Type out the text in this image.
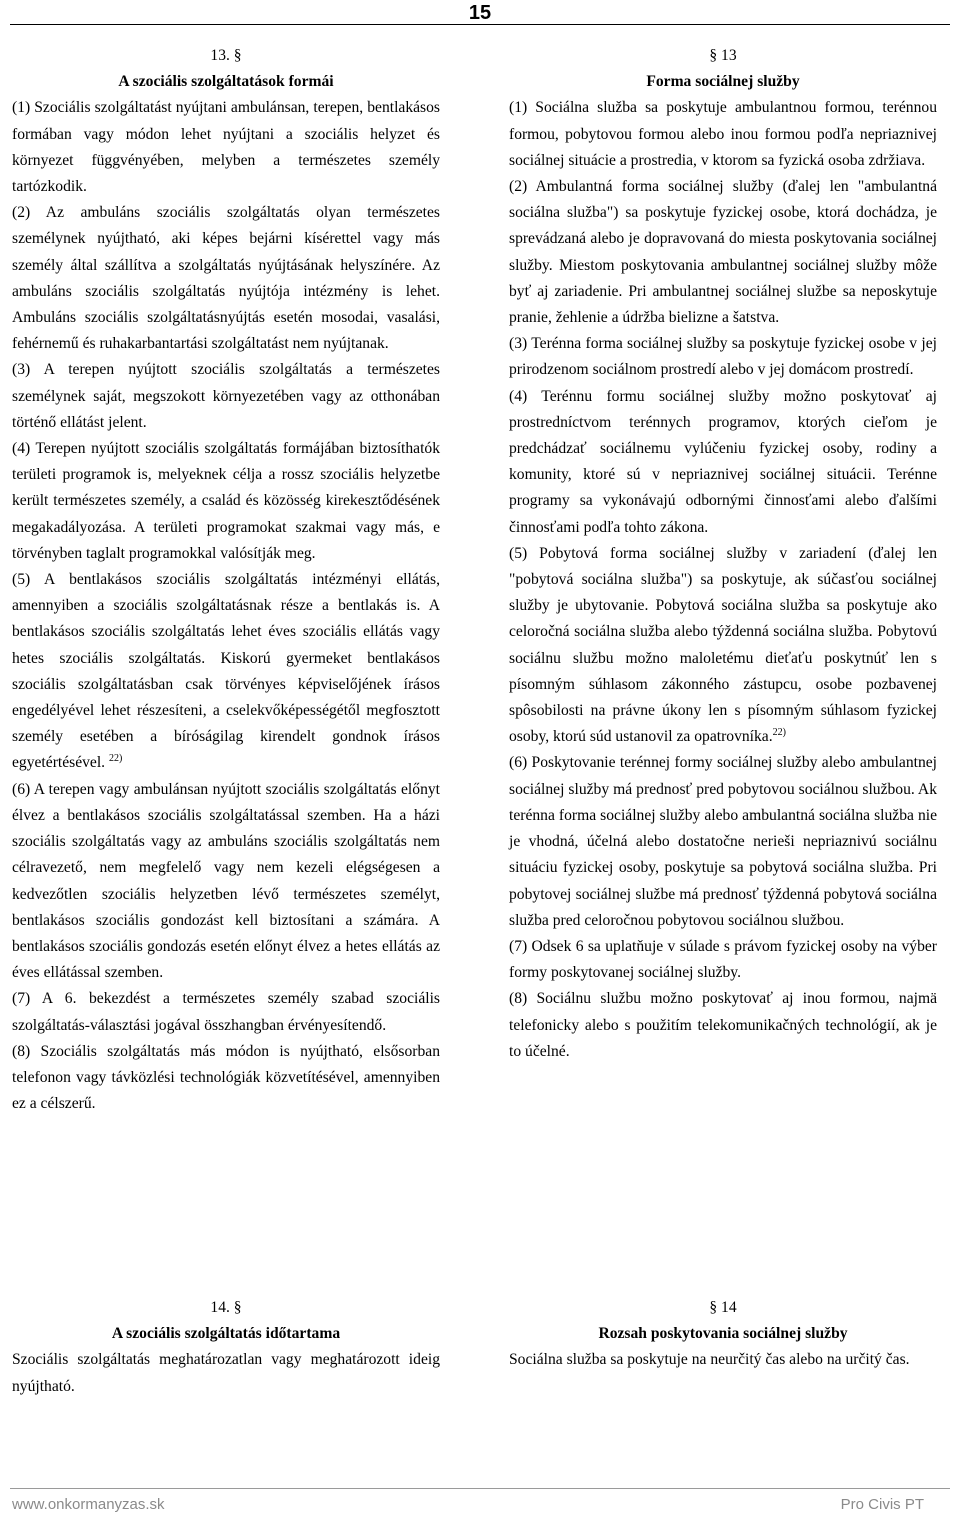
15
13. §
A szociális szolgáltatások formái
(1) Szociális szolgáltatást nyújtani ambulánsan, terepen, bentlakásos formában vagy módon lehet nyújtani a szociális helyzet és környezet függvényében, melyben a természetes személy tartózkodik.
(2) Az ambuláns szociális szolgáltatás olyan természetes személynek nyújtható, aki képes bejárni kísérettel vagy más személy által szállítva a szolgáltatás nyújtásának helyszínére. Az ambuláns szociális szolgáltatás nyújtója intézmény is lehet. Ambuláns szociális szolgáltatásnyújtás esetén mosodai, vasalási, fehérnemű és ruhakarbantartási szolgáltatást nem nyújtanak.
(3) A terepen nyújtott szociális szolgáltatás a természetes személynek saját, megszokott környezetében vagy az otthonában történő ellátást jelent.
(4) Terepen nyújtott szociális szolgáltatás formájában biztosíthatók területi programok is, melyeknek célja a rossz szociális helyzetbe került természetes személy, a család és közösség kirekesztődésének megakadályozása. A területi programokat szakmai vagy más, e törvényben taglalt programokkal valósítják meg.
(5) A bentlakásos szociális szolgáltatás intézményi ellátás, amennyiben a szociális szolgáltatásnak része a bentlakás is. A bentlakásos szociális szolgáltatás lehet éves szociális ellátás vagy hetes szociális szolgáltatás. Kiskorú gyermeket bentlakásos szociális szolgáltatásban csak törvényes képviselőjének írásos engedélyével lehet részesíteni, a cselekvőképességétől megfosztott személy esetében a bíróságilag kirendelt gondnok írásos egyetértésével. $^{22)}$
(6) A terepen vagy ambulánsan nyújtott szociális szolgáltatás előnyt élvez a bentlakásos szociális szolgáltatással szemben. Ha a házi szociális szolgáltatás vagy az ambuláns szociális szolgáltatás nem célravezető, nem megfelelő vagy nem kezeli elégségesen a kedvezőtlen szociális helyzetben lévő természetes személyt, bentlakásos szociális gondozást kell biztosítani a számára. A bentlakásos szociális gondozás esetén előnyt élvez a hetes ellátás az éves ellátással szemben.
(7) A 6. bekezdést a természetes személy szabad szociális szolgáltatás-választási jogával összhangban érvényesítendő.
(8) Szociális szolgáltatás más módon is nyújtható, elsősorban telefonon vagy távközlési technológiák közvetítésével, amennyiben ez a célszerű.
§ 13
Forma sociálnej služby
(1) Sociálna služba sa poskytuje ambulantnou formou, terénnou formou, pobytovou formou alebo inou formou podľa nepriaznivej sociálnej situácie a prostredia, v ktorom sa fyzická osoba zdržiava.
(2) Ambulantná forma sociálnej služby (ďalej len "ambulantná sociálna služba") sa poskytuje fyzickej osobe, ktorá dochádza, je sprevádzaná alebo je dopravovaná do miesta poskytovania sociálnej služby. Miestom poskytovania ambulantnej sociálnej služby môže byť aj zariadenie. Pri ambulantnej sociálnej službe sa neposkytuje pranie, žehlenie a údržba bielizne a šatstva.
(3) Terénna forma sociálnej služby sa poskytuje fyzickej osobe v jej prirodzenom sociálnom prostredí alebo v jej domácom prostredí.
(4) Terénnu formu sociálnej služby možno poskytovať aj prostredníctvom terénnych programov, ktorých cieľom je predchádzať sociálnemu vylúčeniu fyzickej osoby, rodiny a komunity, ktoré sú v nepriaznivej sociálnej situácii. Terénne programy sa vykonávajú odbornými činnosťami alebo ďalšími činnosťami podľa tohto zákona.
(5) Pobytová forma sociálnej služby v zariadení (ďalej len "pobytová sociálna služba") sa poskytuje, ak súčasťou sociálnej služby je ubytovanie. Pobytová sociálna služba sa poskytuje ako celoročná sociálna služba alebo týždenná sociálna služba. Pobytovú sociálnu službu možno maloletému dieťaťu poskytnúť len s písomným súhlasom zákonného zástupcu, osobe pozbavenej spôsobilosti na právne úkony len s písomným súhlasom fyzickej osoby, ktorú súd ustanovil za opatrovníka.$^{22)}$
(6) Poskytovanie terénnej formy sociálnej služby alebo ambulantnej sociálnej služby má prednosť pred pobytovou sociálnou službou. Ak terénna forma sociálnej služby alebo ambulantná sociálna služba nie je vhodná, účelná alebo dostatočne nerieši nepriaznivú sociálnu situáciu fyzickej osoby, poskytuje sa pobytová sociálna služba. Pri pobytovej sociálnej službe má prednosť týždenná pobytová sociálna služba pred celoročnou pobytovou sociálnou službou.
(7) Odsek 6 sa uplatňuje v súlade s právom fyzickej osoby na výber formy poskytovanej sociálnej služby.
(8) Sociálnu službu možno poskytovať aj inou formou, najmä telefonicky alebo s použitím telekomunikačných technológií, ak je to účelné.
14. §
A szociális szolgáltatás időtartama
Szociális szolgáltatás meghatározatlan vagy meghatározott ideig nyújtható.
§ 14
Rozsah poskytovania sociálnej služby
Sociálna služba sa poskytuje na neurčitý čas alebo na určitý čas.
www.onkormanyzas.sk	Pro Civis PT
